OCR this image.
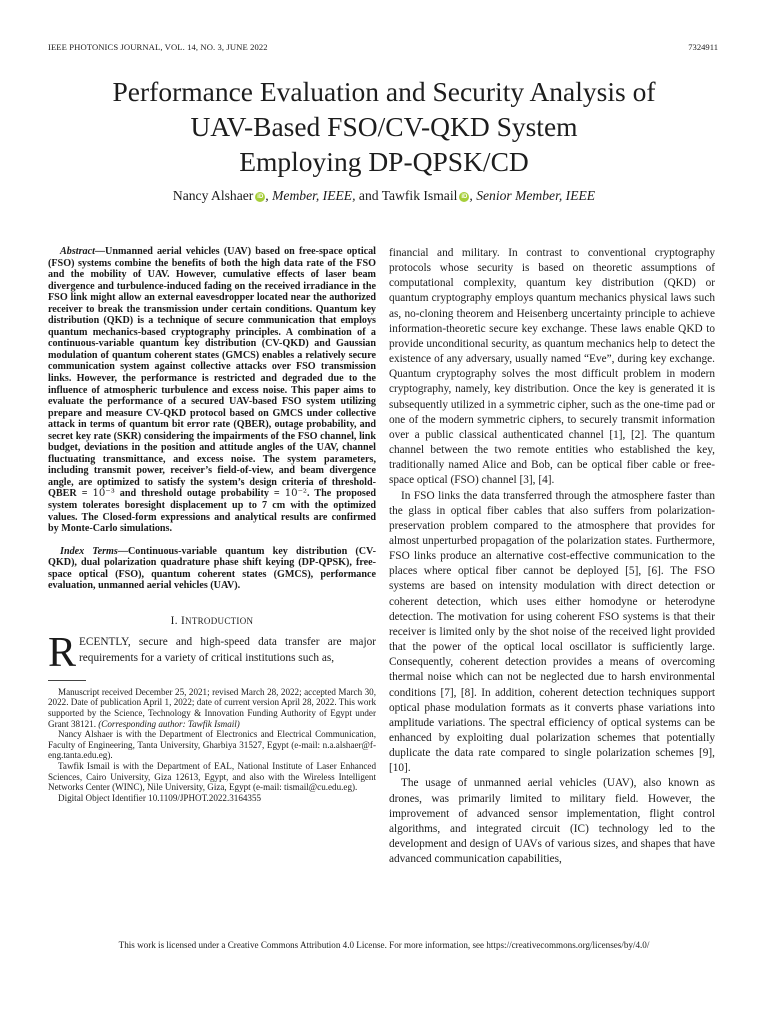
IEEE PHOTONICS JOURNAL, VOL. 14, NO. 3, JUNE 2022	7324911
Performance Evaluation and Security Analysis of
UAV-Based FSO/CV-QKD System
Employing DP-QPSK/CD
Nancy Alshaer iD , Member, IEEE, and Tawfik Ismail iD , Senior Member, IEEE

Abstract—Unmanned aerial vehicles (UAV) based on free-space optical (FSO) systems combine the benefits of both the high data rate of the FSO and the mobility of UAV. However, cumulative effects of laser beam divergence and turbulence-induced fading on the received irradiance in the FSO link might allow an external eavesdropper located near the authorized receiver to break the transmission under certain conditions. Quantum key distribution (QKD) is a technique of secure communication that employs quantum mechanics-based cryptography principles. A combination of a continuous-variable quantum key distribution (CV-QKD) and Gaussian modulation of quantum coherent states (GMCS) enables a relatively secure communication system against collective attacks over FSO transmission links. However, the performance is restricted and degraded due to the influence of atmospheric turbulence and excess noise. This paper aims to evaluate the performance of a secured UAV-based FSO system utilizing prepare and measure CV-QKD protocol based on GMCS under collective attack in terms of quantum bit error rate (QBER), outage probability, and secret key rate (SKR) considering the impairments of the FSO channel, link budget, deviations in the position and attitude angles of the UAV, channel fluctuating transmittance, and excess noise. The system parameters, including transmit power, receiver’s field-of-view, and beam divergence angle, are optimized to satisfy the system’s design criteria of threshold-QBER = 10⁻³ and threshold outage probability = 10⁻². The proposed system tolerates boresight displacement up to 7 cm with the optimized values. The Closed-form expressions and analytical results are confirmed by Monte-Carlo simulations.

Index Terms—Continuous-variable quantum key distribution (CV-QKD), dual polarization quadrature phase shift keying (DP-QPSK), free-space optical (FSO), quantum coherent states (GMCS), performance evaluation, unmanned aerial vehicles (UAV).

I. INTRODUCTION

RECENTLY, secure and high-speed data transfer are major requirements for a variety of critical institutions such as,

Manuscript received December 25, 2021; revised March 28, 2022; accepted March 30, 2022. Date of publication April 1, 2022; date of current version April 28, 2022. This work supported by the Science, Technology & Innovation Funding Authority of Egypt under Grant 38121. (Corresponding author: Tawfik Ismail)

Nancy Alshaer is with the Department of Electronics and Electrical Communication, Faculty of Engineering, Tanta University, Gharbiya 31527, Egypt (e-mail: n.a.alshaer@f-eng.tanta.edu.eg).

Tawfik Ismail is with the Department of EAL, National Institute of Laser Enhanced Sciences, Cairo University, Giza 12613, Egypt, and also with the Wireless Intelligent Networks Center (WINC), Nile University, Giza, Egypt (e-mail: tismail@cu.edu.eg).

Digital Object Identifier 10.1109/JPHOT.2022.3164355

financial and military. In contrast to conventional cryptography protocols whose security is based on theoretic assumptions of computational complexity, quantum key distribution (QKD) or quantum cryptography employs quantum mechanics physical laws such as, no-cloning theorem and Heisenberg uncertainty principle to achieve information-theoretic secure key exchange. These laws enable QKD to provide unconditional security, as quantum mechanics help to detect the existence of any adversary, usually named “Eve”, during key exchange. Quantum cryptography solves the most difficult problem in modern cryptography, namely, key distribution. Once the key is generated it is subsequently utilized in a symmetric cipher, such as the one-time pad or one of the modern symmetric ciphers, to securely transmit information over a public classical authenticated channel [1], [2]. The quantum channel between the two remote entities who established the key, traditionally named Alice and Bob, can be optical fiber cable or free-space optical (FSO) channel [3], [4].

In FSO links the data transferred through the atmosphere faster than the glass in optical fiber cables that also suffers from polarization-preservation problem compared to the atmosphere that provides for almost unperturbed propagation of the polarization states. Furthermore, FSO links produce an alternative cost-effective communication to the places where optical fiber cannot be deployed [5], [6]. The FSO systems are based on intensity modulation with direct detection or coherent detection, which uses either homodyne or heterodyne detection. The motivation for using coherent FSO systems is that their receiver is limited only by the shot noise of the received light provided that the power of the optical local oscillator is sufficiently large. Consequently, coherent detection provides a means of overcoming thermal noise which can not be neglected due to harsh environmental conditions [7], [8]. In addition, coherent detection techniques support optical phase modulation formats as it converts phase variations into amplitude variations. The spectral efficiency of optical systems can be enhanced by exploiting dual polarization schemes that potentially duplicate the data rate compared to single polarization schemes [9], [10].

The usage of unmanned aerial vehicles (UAV), also known as drones, was primarily limited to military field. However, the improvement of advanced sensor implementation, flight control algorithms, and integrated circuit (IC) technology led to the development and design of UAVs of various sizes, and shapes that have advanced communication capabilities,

This work is licensed under a Creative Commons Attribution 4.0 License. For more information, see https://creativecommons.org/licenses/by/4.0/
